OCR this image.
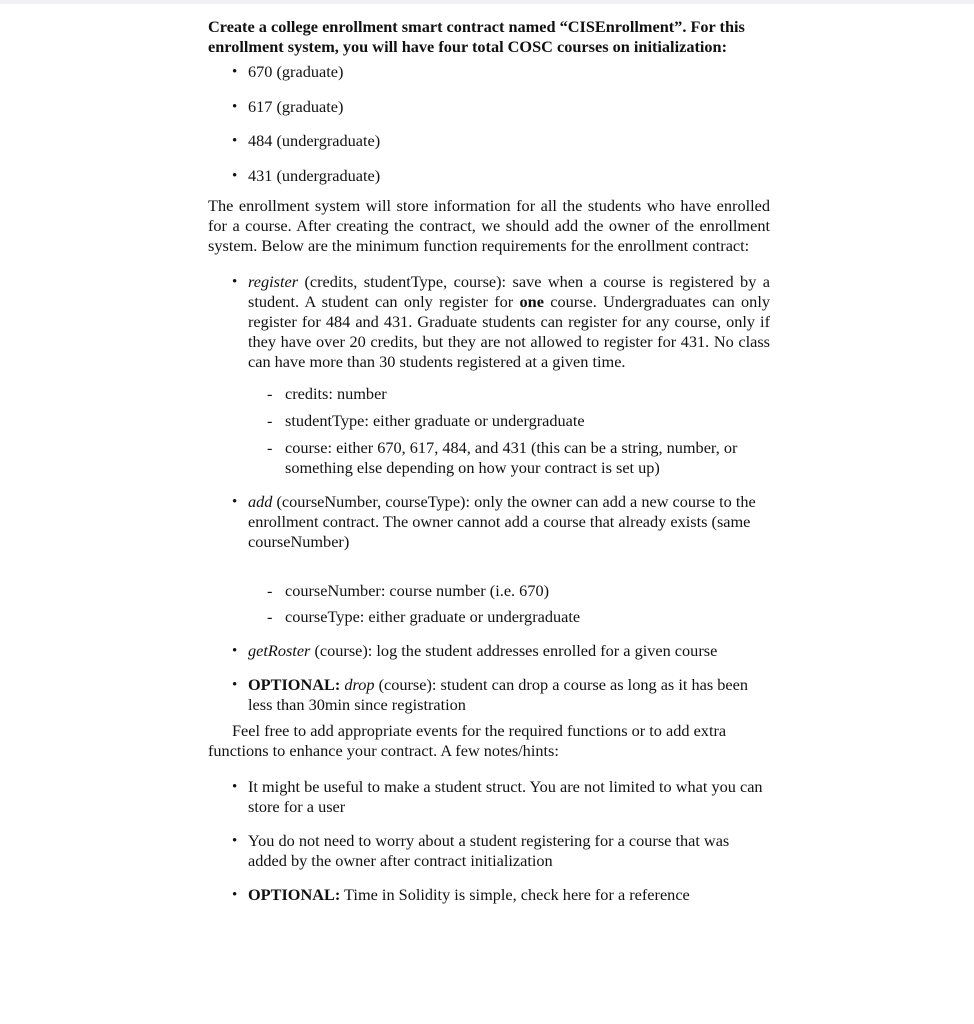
Create a college enrollment smart contract named “CISEnrollment”. For this enrollment system, you will have four total COSC courses on initialization:

• 670 (graduate)
• 617 (graduate)
• 484 (undergraduate)
• 431 (undergraduate)

The enrollment system will store information for all the students who have enrolled for a course. After creating the contract, we should add the owner of the enrollment system. Below are the minimum function requirements for the enrollment contract:

• register (credits, studentType, course): save when a course is registered by a student. A student can only register for one course. Undergraduates can only register for 484 and 431. Graduate students can register for any course, only if they have over 20 credits, but they are not allowed to register for 431. No class can have more than 30 students registered at a given time.
- credits: number
- studentType: either graduate or undergraduate
- course: either 670, 617, 484, and 431 (this can be a string, number, or something else depending on how your contract is set up)
• add (courseNumber, courseType): only the owner can add a new course to the enrollment contract. The owner cannot add a course that already exists (same courseNumber)
- courseNumber: course number (i.e. 670)
- courseType: either graduate or undergraduate
• getRoster (course): log the student addresses enrolled for a given course
• OPTIONAL: drop (course): student can drop a course as long as it has been less than 30min since registration

Feel free to add appropriate events for the required functions or to add extra functions to enhance your contract. A few notes/hints:

• It might be useful to make a student struct. You are not limited to what you can store for a user
• You do not need to worry about a student registering for a course that was added by the owner after contract initialization
• OPTIONAL: Time in Solidity is simple, check here for a reference
